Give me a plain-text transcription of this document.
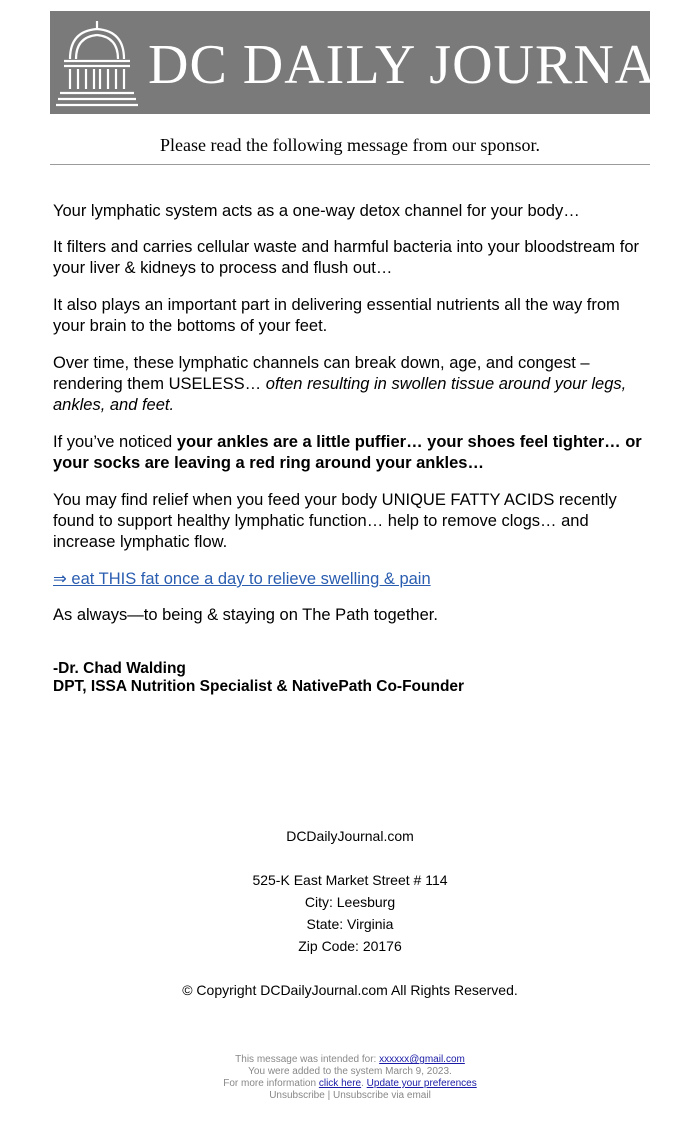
DC DAILY JOURNAL
Please read the following message from our sponsor.

Your lymphatic system acts as a one-way detox channel for your body…

It filters and carries cellular waste and harmful bacteria into your bloodstream for your liver & kidneys to process and flush out…

It also plays an important part in delivering essential nutrients all the way from your brain to the bottoms of your feet.

Over time, these lymphatic channels can break down, age, and congest – rendering them USELESS… often resulting in swollen tissue around your legs, ankles, and feet.

If you’ve noticed your ankles are a little puffier… your shoes feel tighter… or your socks are leaving a red ring around your ankles…

You may find relief when you feed your body UNIQUE FATTY ACIDS recently found to support healthy lymphatic function… help to remove clogs… and increase lymphatic flow.

⇒ eat THIS fat once a day to relieve swelling & pain

As always—to being & staying on The Path together.

-Dr. Chad Walding
DPT, ISSA Nutrition Specialist & NativePath Co-Founder
DCDailyJournal.com
525-K East Market Street # 114
City: Leesburg
State: Virginia
Zip Code: 20176
© Copyright DCDailyJournal.com All Rights Reserved.
This message was intended for: xxxxxx@gmail.com
You were added to the system March 9, 2023.
For more information click here. Update your preferences
Unsubscribe | Unsubscribe via email
